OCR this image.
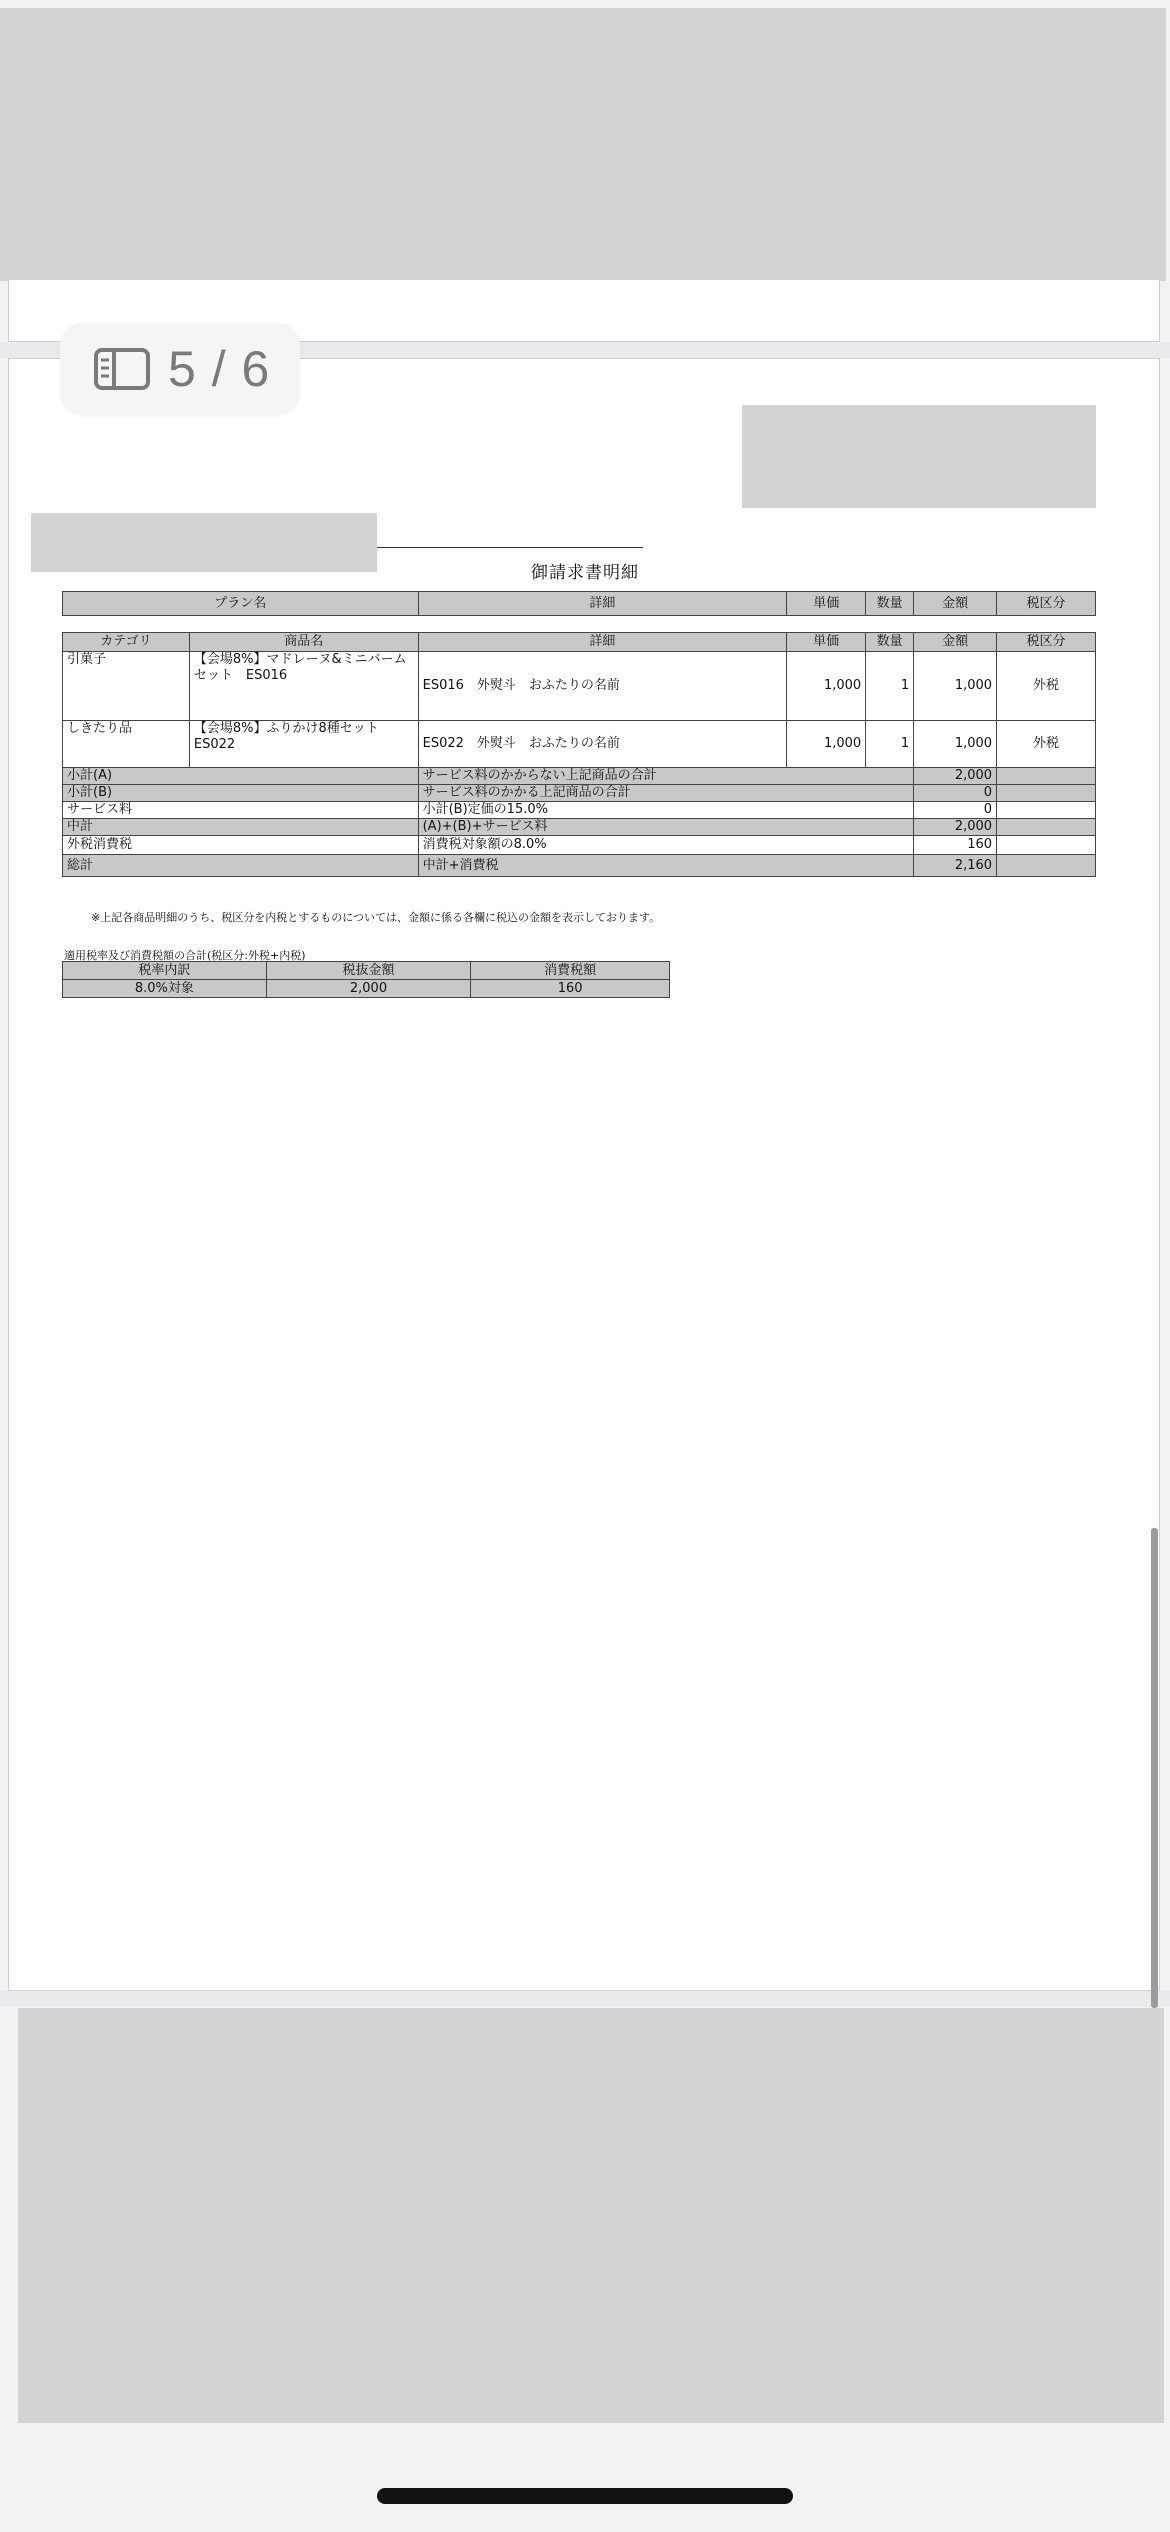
御請求書明細
プラン名	詳細	単価	数量	金額	税区分
カテゴリ	商品名	詳細	単価	数量	金額	税区分
引菓子	【会場8%】マドレーヌ&ミニバームセット　ES016	ES016　外熨斗　おふたりの名前	1,000	1	1,000	外税
しきたり品	【会場8%】ふりかけ8種セット　ES022	ES022　外熨斗　おふたりの名前	1,000	1	1,000	外税
小計(A)		サービス料のかからない上記商品の合計			2,000	
小計(B)		サービス料のかかる上記商品の合計			0	
サービス料		小計(B)定価の15.0%			0	
中計		(A)+(B)+サービス料			2,000	
外税消費税		消費税対象額の8.0%			160	
総計		中計+消費税			2,160	
※上記各商品明細のうち、税区分を内税とするものについては、金額に係る各欄に税込の金額を表示しております。
適用税率及び消費税額の合計(税区分:外税+内税)
税率内訳	税抜金額	消費税額
8.0%対象	2,000	160
5 / 6
